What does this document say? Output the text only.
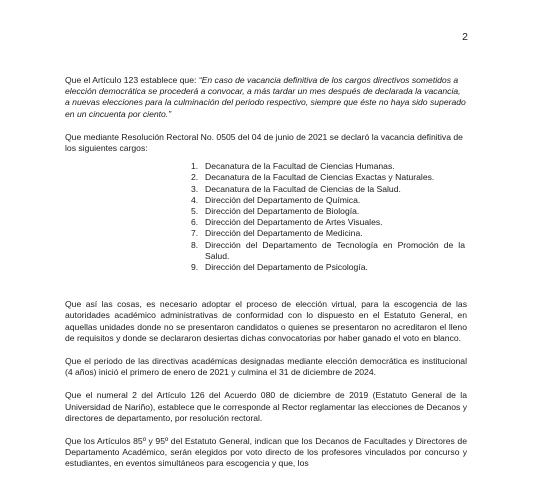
2

Que el Artículo 123 establece que: “En caso de vacancia definitiva de los cargos directivos sometidos a elección democrática se procederá a convocar, a más tardar un mes después de declarada la vacancia, a nuevas elecciones para la culminación del periodo respectivo, siempre que éste no haya sido superado en un cincuenta por ciento.”

Que mediante Resolución Rectoral No. 0505 del 04 de junio de 2021 se declaró la vacancia definitiva de los siguientes cargos:

1. Decanatura de la Facultad de Ciencias Humanas.
2. Decanatura de la Facultad de Ciencias Exactas y Naturales.
3. Decanatura de la Facultad de Ciencias de la Salud.
4. Dirección del Departamento de Química.
5. Dirección del Departamento de Biología.
6. Dirección del Departamento de Artes Visuales.
7. Dirección del Departamento de Medicina.
8. Dirección del Departamento de Tecnología en Promoción de la Salud.
9. Dirección del Departamento de Psicología.

Que así las cosas, es necesario adoptar el proceso de elección virtual, para la escogencia de las autoridades académico administrativas de conformidad con lo dispuesto en el Estatuto General, en aquellas unidades donde no se presentaron candidatos o quienes se presentaron no acreditaron el lleno de requisitos y donde se declararon desiertas dichas convocatorias por haber ganado el voto en blanco.

Que el periodo de las directivas académicas designadas mediante elección democrática es institucional (4 años) inició el primero de enero de 2021 y culmina el 31 de diciembre de 2024.

Que el numeral 2 del Artículo 126 del Acuerdo 080 de diciembre de 2019 (Estatuto General de la Universidad de Nariño), establece que le corresponde al Rector reglamentar las elecciones de Decanos y directores de departamento, por resolución rectoral.

Que los Artículos 85º y 95º del Estatuto General, indican que los Decanos de Facultades y Directores de Departamento Académico, serán elegidos por voto directo de los profesores vinculados por concurso y estudiantes, en eventos simultáneos para escogencia y que, los
